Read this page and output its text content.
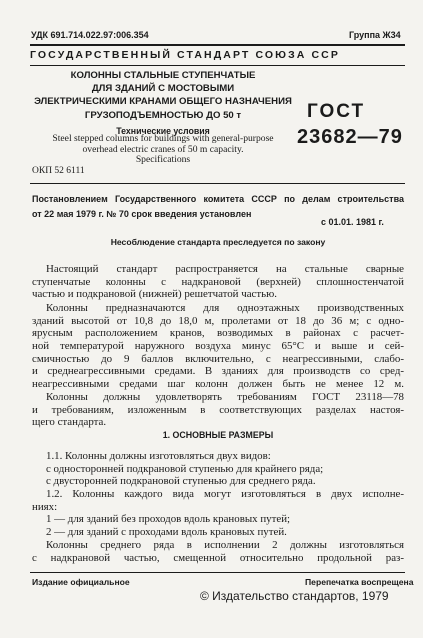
УДК 691.714.022.97:006.354	Группа Ж34
ГОСУДАРСТВЕННЫЙ СТАНДАРТ СОЮЗА ССР
КОЛОННЫ СТАЛЬНЫЕ СТУПЕНЧАТЫЕ
ДЛЯ ЗДАНИЙ С МОСТОВЫМИ
ЭЛЕКТРИЧЕСКИМИ КРАНАМИ ОБЩЕГО НАЗНАЧЕНИЯ
ГРУЗОПОДЪЕМНОСТЬЮ ДО 50 т
Технические условия
Steel stepped columns for buildings with general-purpose
overhead electric cranes of 50 m capacity.
Specifications
ГОСТ
23682—79
ОКП 52 6111
Постановлением Государственного комитета СССР по делам строительства
от 22 мая 1979 г. № 70 срок введения установлен
с 01.01. 1981 г.
Несоблюдение стандарта преследуется по закону
Настоящий стандарт распространяется на стальные сварные
ступенчатые колонны с надкрановой (верхней) сплошностенчатой
частью и подкрановой (нижней) решетчатой частью.
Колонны предназначаются для одноэтажных производственных
зданий высотой от 10,8 до 18,0 м, пролетами от 18 до 36 м; с одно-
ярусным расположением кранов, возводимых в районах с расчет-
ной температурой наружного воздуха минус 65°С и выше и сей-
смичностью до 9 баллов включительно, с неагрессивными, слабо-
и среднеагрессивными средами. В зданиях для производств со сред-
неагрессивными средами шаг колонн должен быть не менее 12 м.
Колонны должны удовлетворять требованиям ГОСТ 23118—78
и требованиям, изложенным в соответствующих разделах настоя-
щего стандарта.
1. ОСНОВНЫЕ РАЗМЕРЫ
1.1. Колонны должны изготовляться двух видов:
с односторонней подкрановой ступенью для крайнего ряда;
с двусторонней подкрановой ступенью для среднего ряда.
1.2. Колонны каждого вида могут изготовляться в двух исполне-
ниях:
1 — для зданий без проходов вдоль крановых путей;
2 — для зданий с проходами вдоль крановых путей.
Колонны среднего ряда в исполнении 2 должны изготовляться
с надкрановой частью, смещенной относительно продольной раз-
Издание официальное	Перепечатка воспрещена
© Издательство стандартов, 1979
